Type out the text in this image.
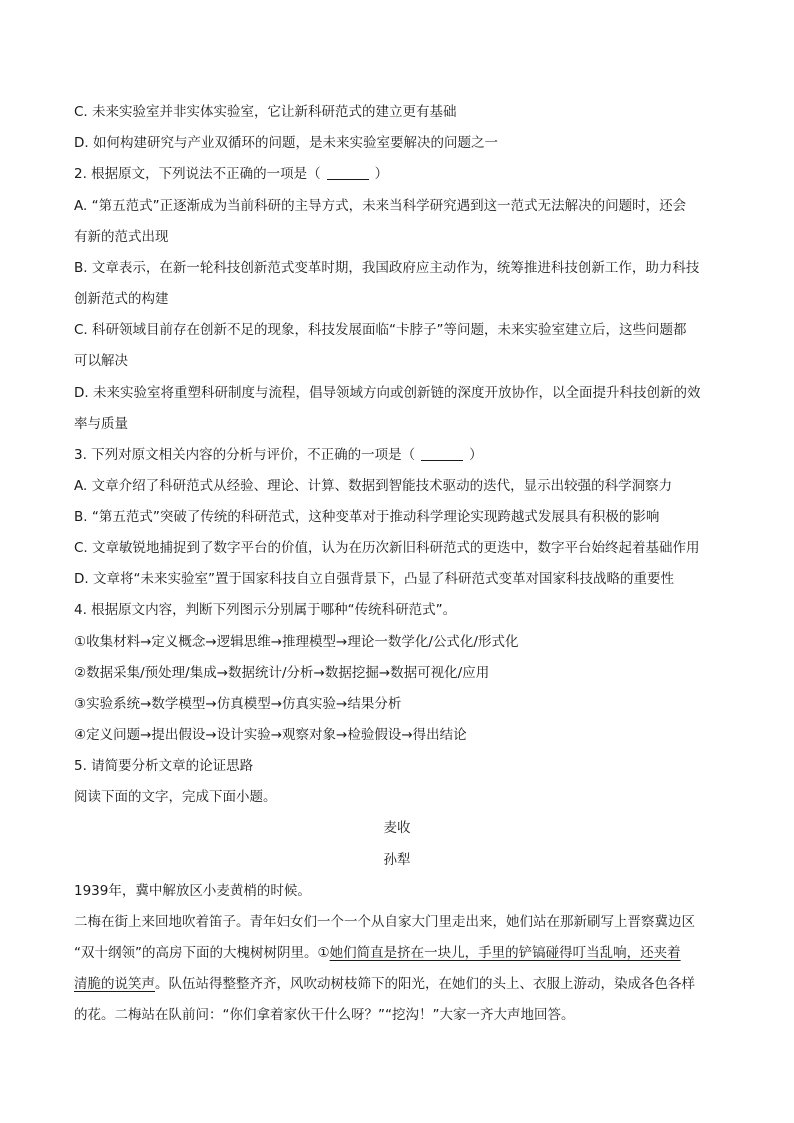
C. 未来实验室并非实体实验室，它让新科研范式的建立更有基础
D. 如何构建研究与产业双循环的问题，是未来实验室要解决的问题之一
2. 根据原文，下列说法不正确的一项是（	）
A. “第五范式”正逐渐成为当前科研的主导方式，未来当科学研究遇到这一范式无法解决的问题时，还会
有新的范式出现
B. 文章表示，在新一轮科技创新范式变革时期，我国政府应主动作为，统筹推进科技创新工作，助力科技
创新范式的构建
C. 科研领域目前存在创新不足的现象，科技发展面临“卡脖子”等问题，未来实验室建立后，这些问题都
可以解决
D. 未来实验室将重塑科研制度与流程，倡导领域方向或创新链的深度开放协作，以全面提升科技创新的效
率与质量
3. 下列对原文相关内容的分析与评价，不正确的一项是（	）
A. 文章介绍了科研范式从经验、理论、计算、数据到智能技术驱动的迭代，显示出较强的科学洞察力
B. “第五范式”突破了传统的科研范式，这种变革对于推动科学理论实现跨越式发展具有积极的影响
C. 文章敏锐地捕捉到了数字平台的价值，认为在历次新旧科研范式的更迭中，数字平台始终起着基础作用
D. 文章将“未来实验室”置于国家科技自立自强背景下，凸显了科研范式变革对国家科技战略的重要性
4. 根据原文内容，判断下列图示分别属于哪种“传统科研范式”。
①收集材料→定义概念→逻辑思维→推理模型→理论一数学化/公式化/形式化
②数据采集/预处理/集成→数据统计/分析→数据挖掘→数据可视化/应用
③实验系统→数学模型→仿真模型→仿真实验→结果分析
④定义问题→提出假设→设计实验→观察对象→检验假设→得出结论
5. 请简要分析文章的论证思路
阅读下面的文字，完成下面小题。
麦收
孙犁
1939年，冀中解放区小麦黄梢的时候。
二梅在街上来回地吹着笛子。青年妇女们一个一个从自家大门里走出来，她们站在那新刷写上晋察冀边区
“双十纲领”的高房下面的大槐树树阴里。①她们简直是挤在一块儿，手里的铲镐碰得叮当乱响，还夹着
清脆的说笑声。队伍站得整整齐齐，风吹动树枝筛下的阳光，在她们的头上、衣服上游动，染成各色各样
的花。二梅站在队前问：“你们拿着家伙干什么呀？”“挖沟！”大家一齐大声地回答。
